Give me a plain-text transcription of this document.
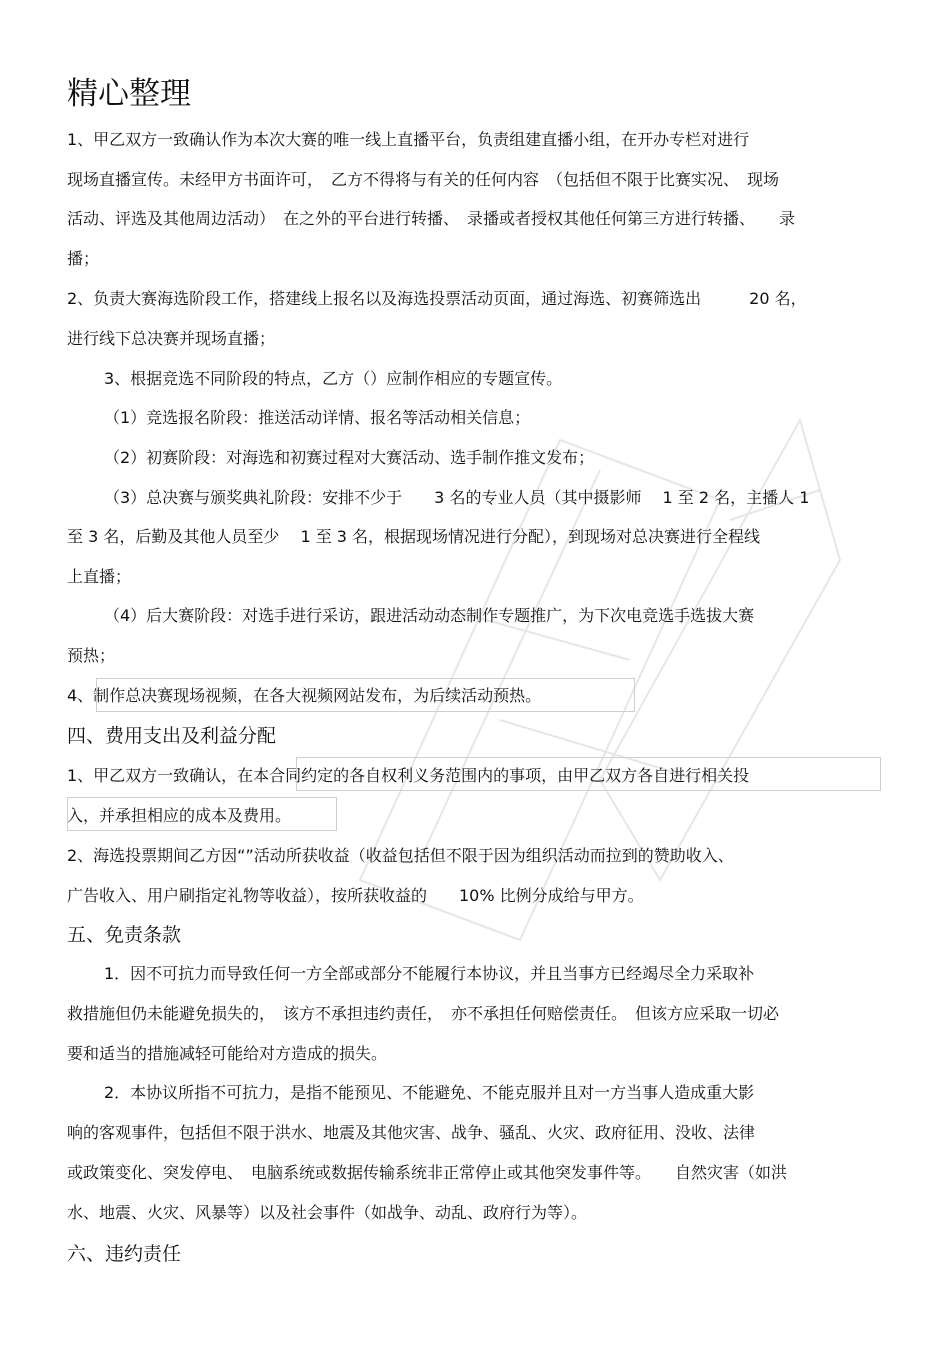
精心整理
1、甲乙双方一致确认作为本次大赛的唯一线上直播平台，负责组建直播小组，在开办专栏对进行
现场直播宣传。未经甲方书面许可，　乙方不得将与有关的任何内容　（包括但不限于比赛实况、　现场
活动、评选及其他周边活动）　在之外的平台进行转播、　录播或者授权其他任何第三方进行转播、　　录
播；
2、负责大赛海选阶段工作，搭建线上报名以及海选投票活动页面，通过海选、初赛筛选出　　　20 名，
进行线下总决赛并现场直播；
3、根据竞选不同阶段的特点，乙方（）应制作相应的专题宣传。
（1）竞选报名阶段：推送活动详情、报名等活动相关信息；
（2）初赛阶段：对海选和初赛过程对大赛活动、选手制作推文发布；
（3）总决赛与颁奖典礼阶段：安排不少于　　3 名的专业人员（其中摄影师　 1 至 2 名，主播人 1
至 3 名，后勤及其他人员至少　 1 至 3 名，根据现场情况进行分配），到现场对总决赛进行全程线
上直播；
（4）后大赛阶段：对选手进行采访，跟进活动动态制作专题推广，为下次电竞选手选拔大赛
预热；
4、制作总决赛现场视频，在各大视频网站发布，为后续活动预热。
四、费用支出及利益分配
1、甲乙双方一致确认，在本合同约定的各自权利义务范围内的事项，由甲乙双方各自进行相关投
入，并承担相应的成本及费用。
2、海选投票期间乙方因“”活动所获收益（收益包括但不限于因为组织活动而拉到的赞助收入、
广告收入、用户刷指定礼物等收益），按所获收益的　　10% 比例分成给与甲方。
五、免责条款
1．因不可抗力而导致任何一方全部或部分不能履行本协议，并且当事方已经竭尽全力采取补
救措施但仍未能避免损失的，　该方不承担违约责任，　亦不承担任何赔偿责任。　但该方应采取一切必
要和适当的措施减轻可能给对方造成的损失。
2．本协议所指不可抗力，是指不能预见、不能避免、不能克服并且对一方当事人造成重大影
响的客观事件，包括但不限于洪水、地震及其他灾害、战争、骚乱、火灾、政府征用、没收、法律
或政策变化、突发停电、　电脑系统或数据传输系统非正常停止或其他突发事件等。　　自然灾害（如洪
水、地震、火灾、风暴等）以及社会事件（如战争、动乱、政府行为等）。
六、违约责任
